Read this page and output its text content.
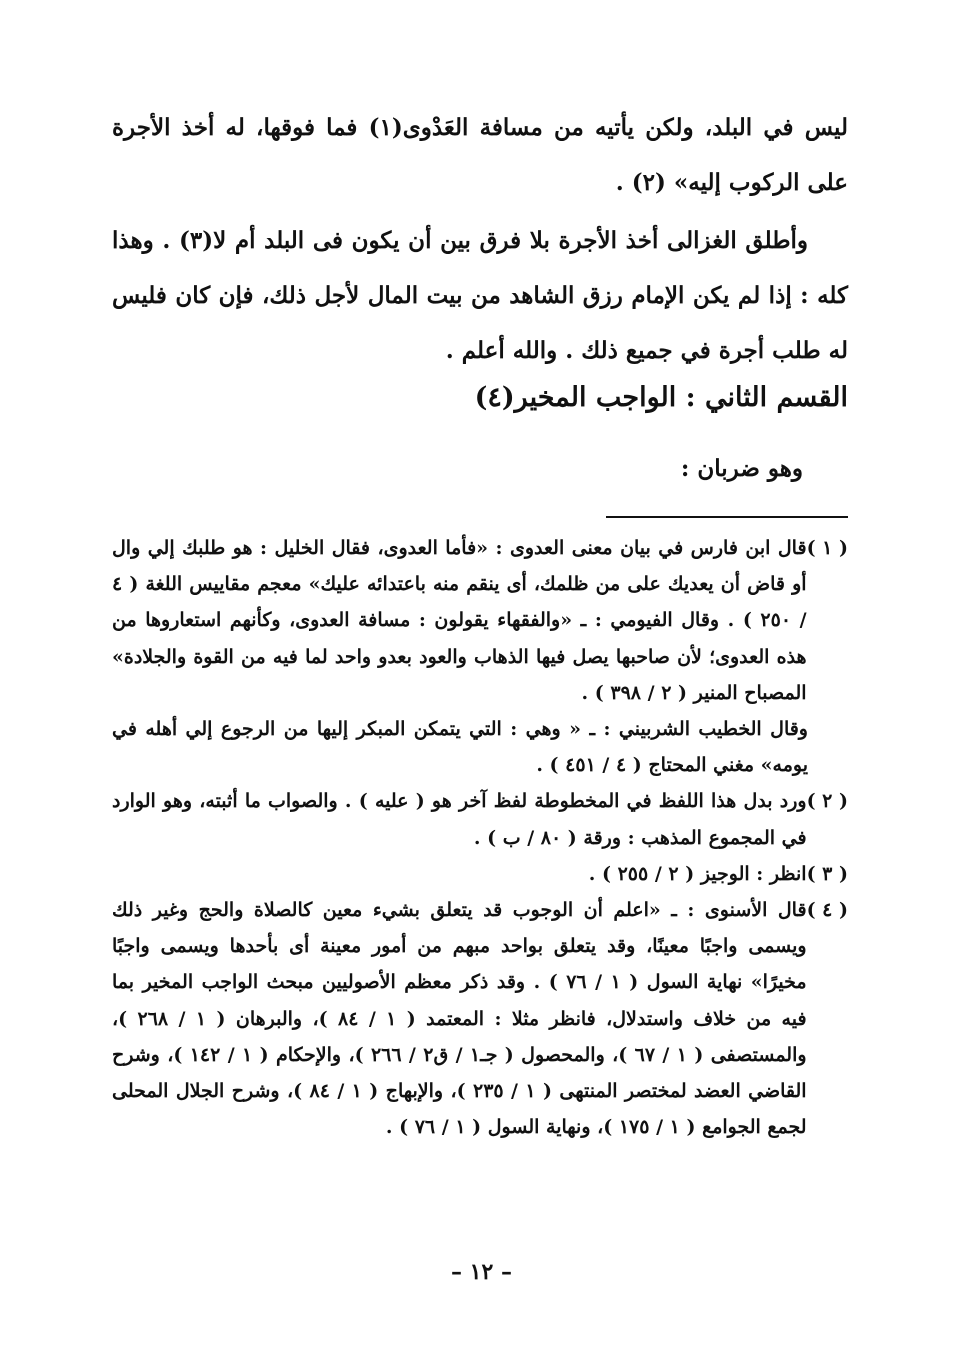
ليس في البلد، ولكن يأتيه من مسافة العَدْوى(١) فما فوقها، له أخذ الأجرة على الركوب إليه» (٢) .
وأطلق الغزالى أخذ الأجرة بلا فرق بين أن يكون فى البلد أم لا(٣) . وهذا كله : إذا لم يكن الإمام رزق الشاهد من بيت المال لأجل ذلك، فإن كان فليس له طلب أجرة في جميع ذلك . والله أعلم .
القسم الثاني : الواجب المخير(٤)
وهو ضربان :
( ١ )
قال ابن فارس في بيان معنى العدوى : «فأما العدوى، فقال الخليل : هو طلبك إلي وال أو قاض أن يعديك على من ظلمك، أى ينقم منه باعتدائه عليك» معجم مقاييس اللغة ( ٤ / ٢٥٠ ) . وقال الفيومي : ـ «والفقهاء يقولون : مسافة العدوى، وكأنهم استعاروها من هذه العدوى؛ لأن صاحبها يصل فيها الذهاب والعود بعدو واحد لما فيه من القوة والجلادة» المصباح المنير ( ٢ / ٣٩٨ ) .
وقال الخطيب الشربيني : ـ « وهي : التي يتمكن المبكر إليها من الرجوع إلي أهله في يومه» مغني المحتاج ( ٤ / ٤٥١ ) .
( ٢ )
ورد بدل هذا اللفظ في المخطوطة لفظ آخر هو ( عليه ) . والصواب ما أثبته، وهو الوارد في المجموع المذهب : ورقة ( ٨٠ / ب ) .
( ٣ )
انظر : الوجيز ( ٢ / ٢٥٥ ) .
( ٤ )
قال الأسنوى : ـ «اعلم أن الوجوب قد يتعلق بشيء معين كالصلاة والحج وغير ذلك ويسمى واجبًا معينًا، وقد يتعلق بواحد مبهم من أمور معينة أى بأحدها ويسمى واجبًا مخيرًا» نهاية السول ( ١ / ٧٦ ) . وقد ذكر معظم الأصوليين مبحث الواجب المخير بما فيه من خلاف واستدلال، فانظر مثلا : المعتمد ( ١ / ٨٤ )، والبرهان ( ١ / ٢٦٨ )، والمستصفى ( ١ / ٦٧ )، والمحصول ( جـ١ / ق٢ / ٢٦٦ )، والإحكام ( ١ / ١٤٢ )، وشرح القاضي العضد لمختصر المنتهى ( ١ / ٢٣٥ )، والإبهاج ( ١ / ٨٤ )، وشرح الجلال المحلى لجمع الجوامع ( ١ / ١٧٥ )، ونهاية السول ( ١ / ٧٦ ) .
– ١٢ –
